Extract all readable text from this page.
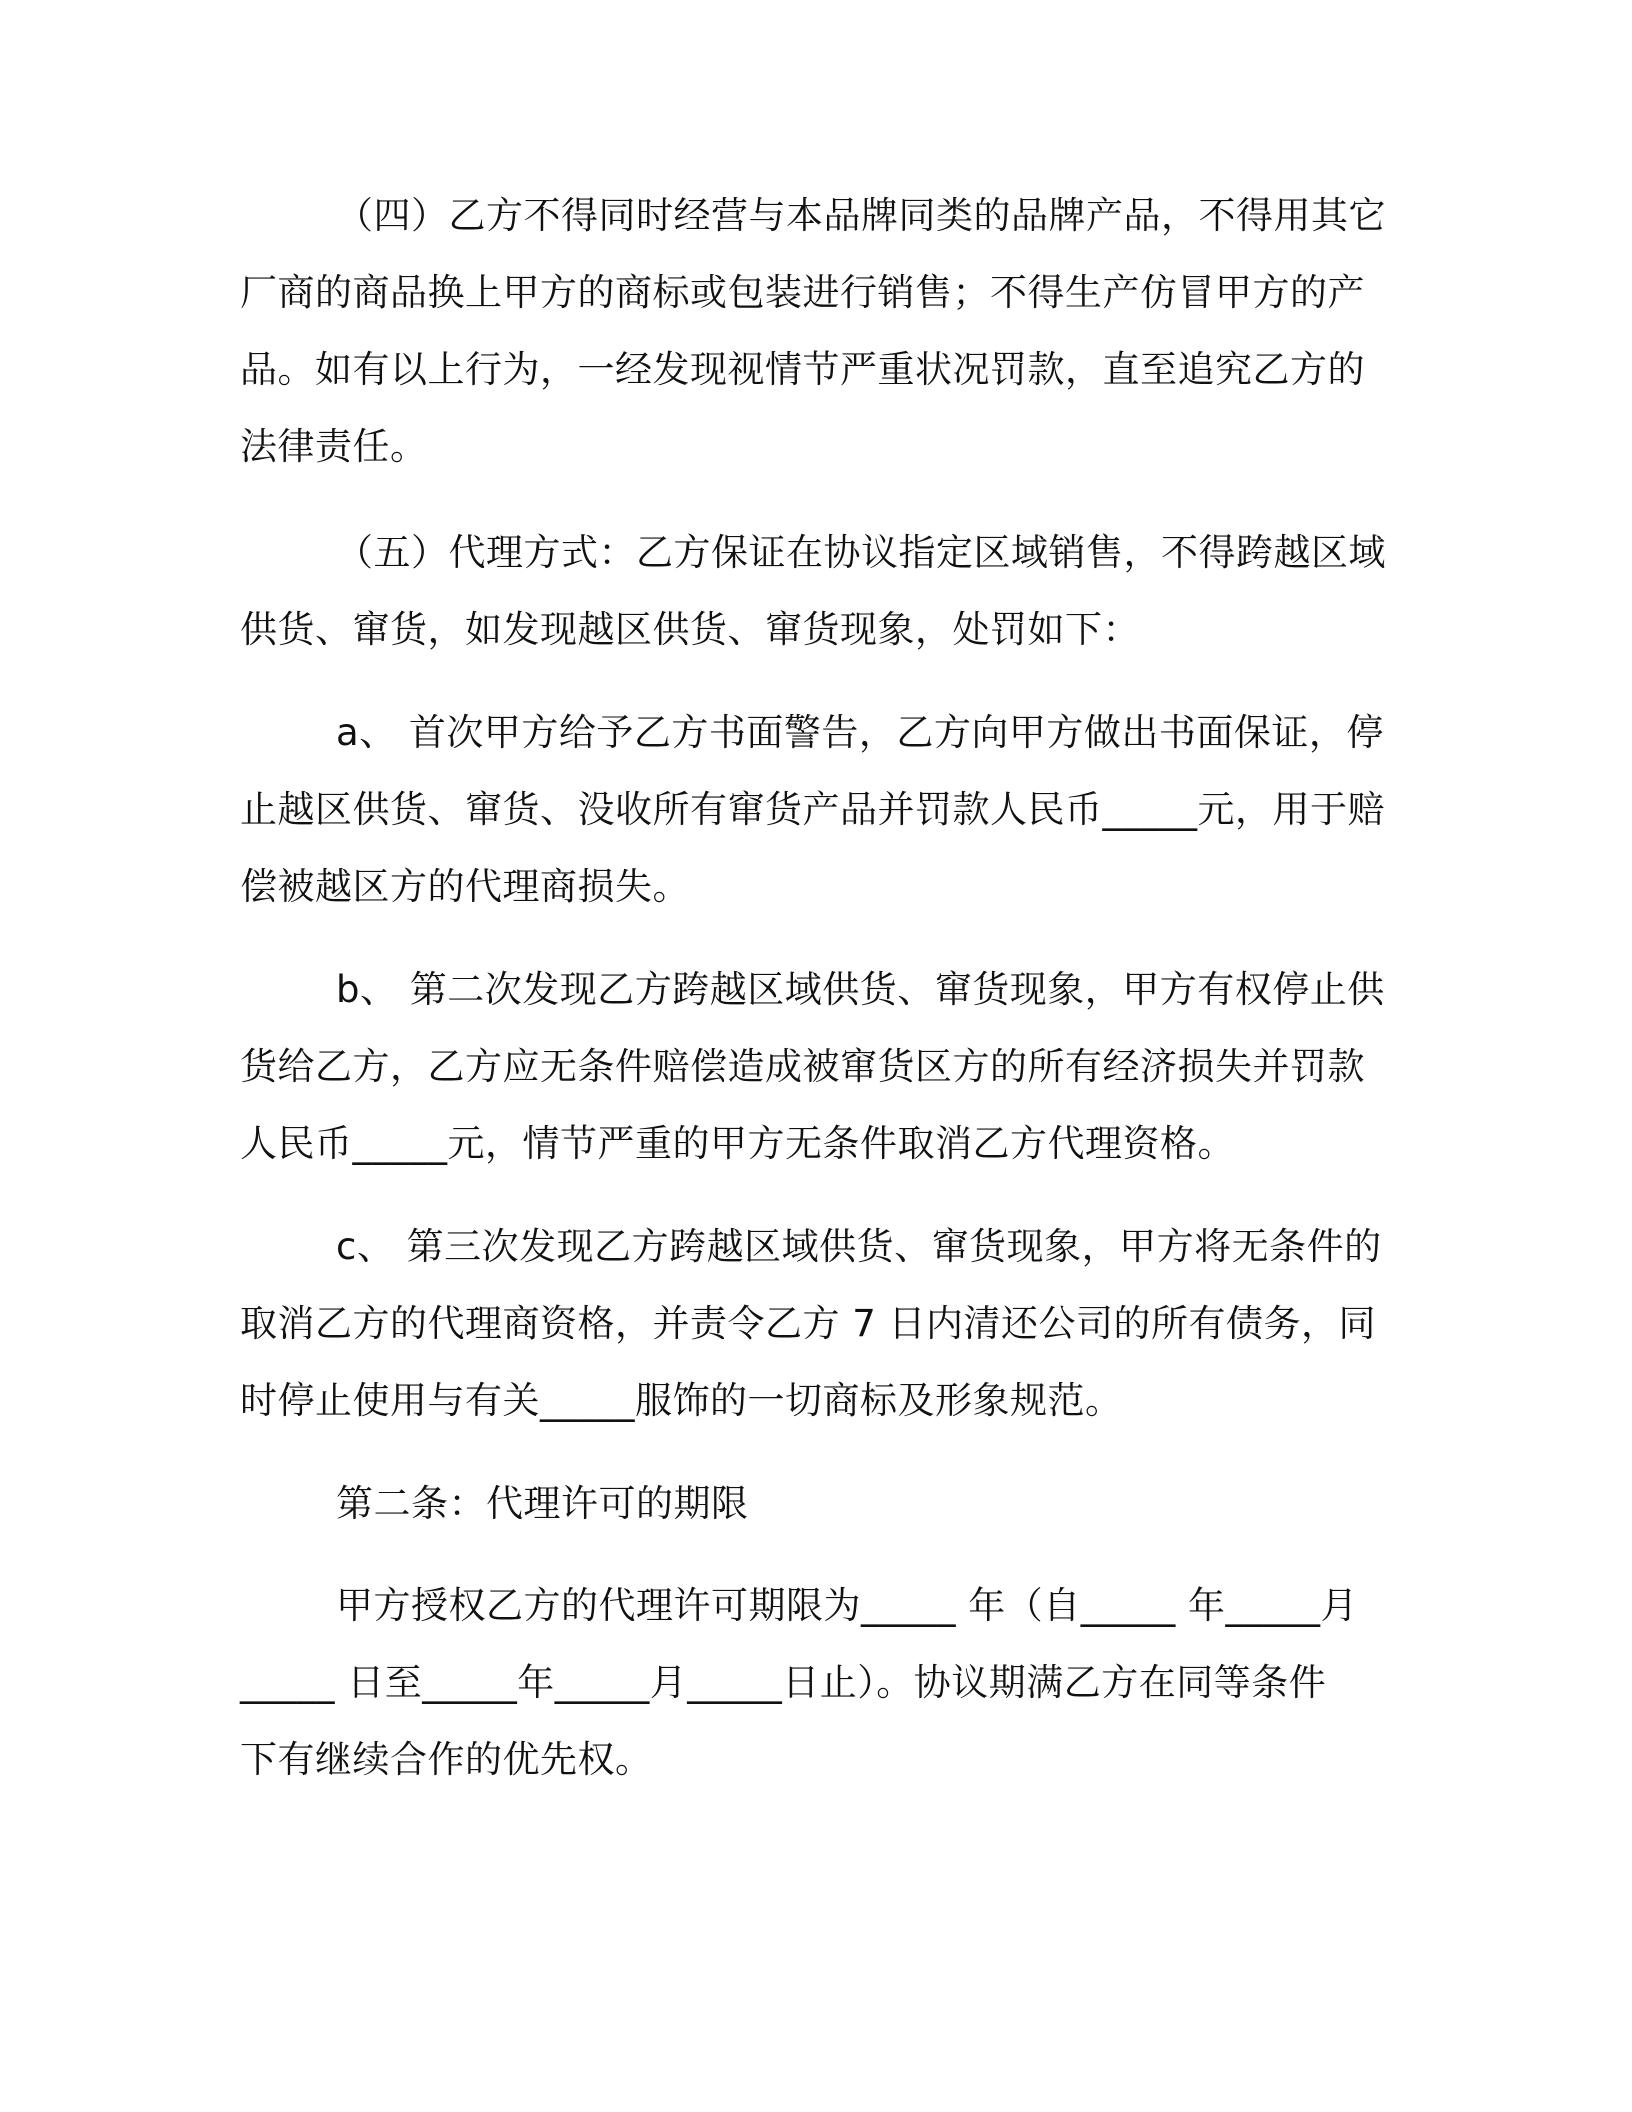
（四）乙方不得同时经营与本品牌同类的品牌产品，不得用其它
厂商的商品换上甲方的商标或包装进行销售；不得生产仿冒甲方的产
品。如有以上行为，一经发现视情节严重状况罚款，直至追究乙方的
法律责任。
（五）代理方式：乙方保证在协议指定区域销售，不得跨越区域
供货、窜货，如发现越区供货、窜货现象，处罚如下：
a、 首次甲方给予乙方书面警告，乙方向甲方做出书面保证，停
止越区供货、窜货、没收所有窜货产品并罚款人民币_____元，用于赔
偿被越区方的代理商损失。
b、 第二次发现乙方跨越区域供货、窜货现象，甲方有权停止供
货给乙方，乙方应无条件赔偿造成被窜货区方的所有经济损失并罚款
人民币_____元，情节严重的甲方无条件取消乙方代理资格。
c、 第三次发现乙方跨越区域供货、窜货现象，甲方将无条件的
取消乙方的代理商资格，并责令乙方 7 日内清还公司的所有债务，同
时停止使用与有关_____服饰的一切商标及形象规范。
第二条：代理许可的期限
甲方授权乙方的代理许可期限为_____ 年（自_____ 年_____月
_____ 日至_____年_____月_____日止）。协议期满乙方在同等条件
下有继续合作的优先权。
